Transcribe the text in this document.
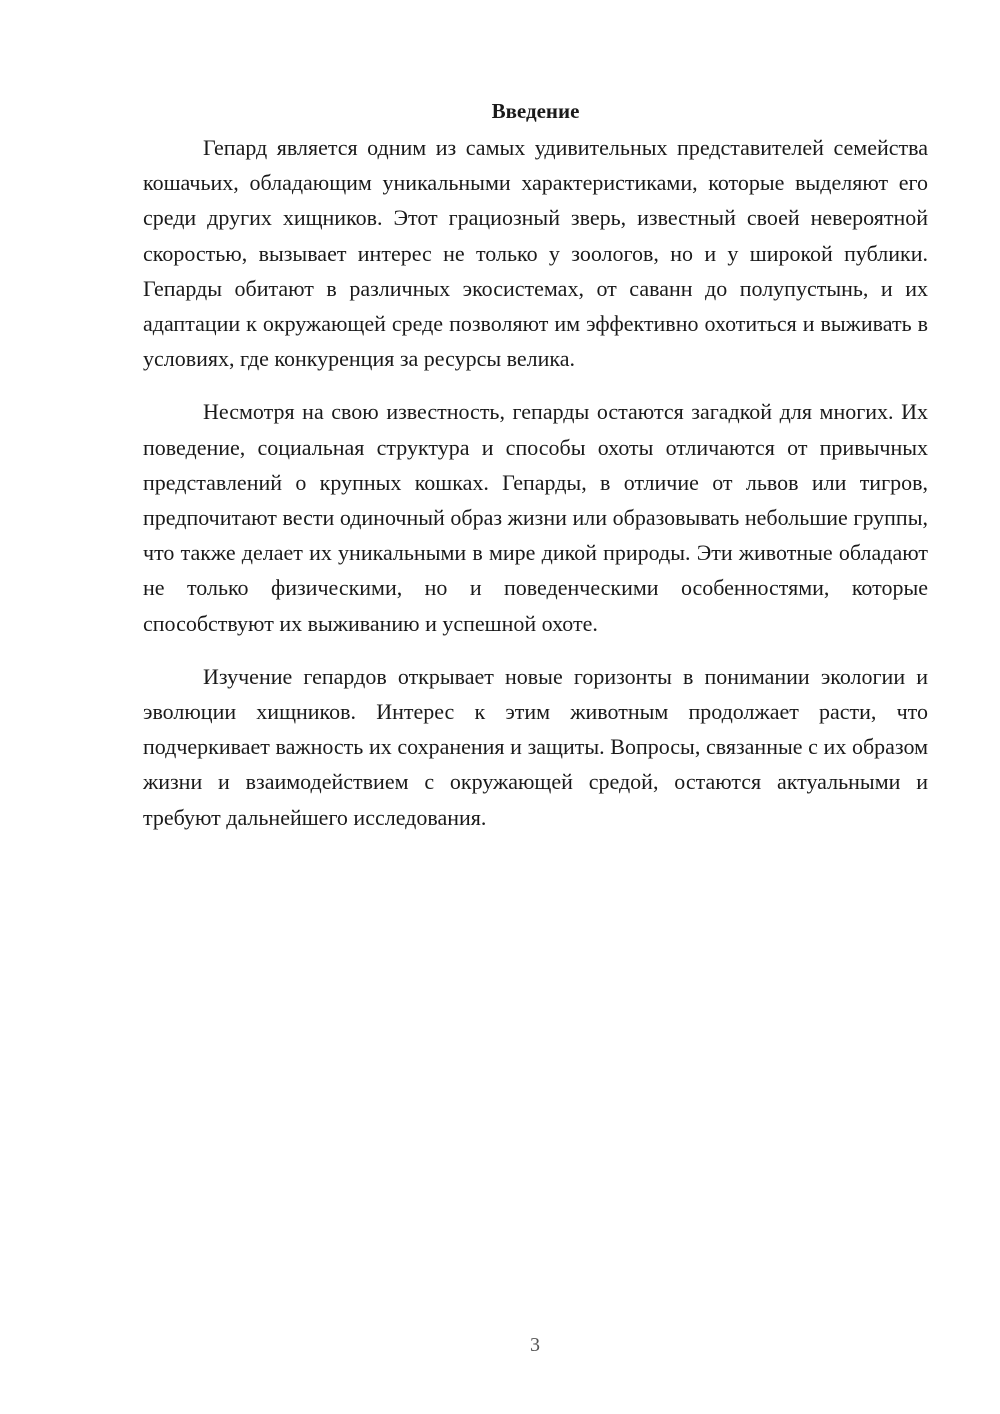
Введение

Гепард является одним из самых удивительных представителей семейства кошачьих, обладающим уникальными характеристиками, которые выделяют его среди других хищников. Этот грациозный зверь, известный своей невероятной скоростью, вызывает интерес не только у зоологов, но и у широкой публики. Гепарды обитают в различных экосистемах, от саванн до полупустынь, и их адаптации к окружающей среде позволяют им эффективно охотиться и выживать в условиях, где конкуренция за ресурсы велика.

Несмотря на свою известность, гепарды остаются загадкой для многих. Их поведение, социальная структура и способы охоты отличаются от привычных представлений о крупных кошках. Гепарды, в отличие от львов или тигров, предпочитают вести одиночный образ жизни или образовывать небольшие группы, что также делает их уникальными в мире дикой природы. Эти животные обладают не только физическими, но и поведенческими особенностями, которые способствуют их выживанию и успешной охоте.

Изучение гепардов открывает новые горизонты в понимании экологии и эволюции хищников. Интерес к этим животным продолжает расти, что подчеркивает важность их сохранения и защиты. Вопросы, связанные с их образом жизни и взаимодействием с окружающей средой, остаются актуальными и требуют дальнейшего исследования.

3
